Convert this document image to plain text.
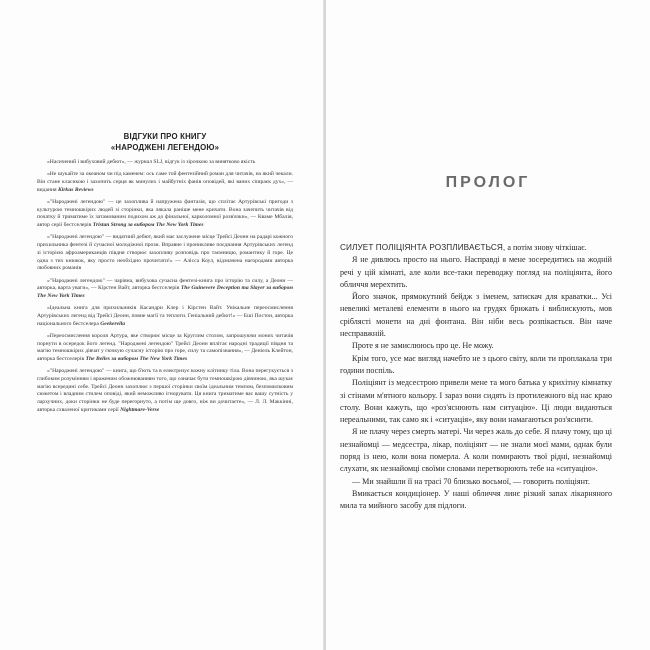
ВІДГУКИ ПРО КНИГУ
«НАРОДЖЕНІ ЛЕГЕНДОЮ»

«Насичений і вибуховий дебют», — журнал SLJ, відгук із зірочкою за винятково якість

«Не шукайте за океаном чи під каменем: ось саме той фентезійний роман для читачів, на який чекали. Він стане класикою і захопить серця як минулих і майбутніх фанів оповідей, які ваних спираєк дух», — видання Kirkus Reviews

«"Народжені легендою" — це захоплива й напружена фантазія, що сплітає Артурівські пригоди з культурою темношкірих людей зі сторінки, яка лякала раніше мене кричати. Вона зачепить читачів від початку й триматиме їх затамованим подихом аж до фінальної, карколомної розв'язки», — Кваме Мбалія, автор серії бестселерів Tristan Strong за вибором The New York Times

«"Народжені легендою" — видатний дебют, який має заслужене місце Трейсі Деонн на радарі кожного прихильника фентезі й сучасної молодіжної прози. Вправне і проникливе поєднання Артурівських легенд зі історією афроамериканців півдня створює захопливу розповідь про таємницю, романтику й горе. Це одна з тих книжок, яку просто необхідно прочитати!» — Алісса Коул, відзначена нагородами авторка любовних романів

«"Народжені легендою" — чарівна, вибухова сучасна фентезі-книга про історію та силу, а Деонн — авторка, варта уваги», — Кірстен Вайт, авторка бестселерів The Guinevere Deception та Slayer за вибором The New York Times

«Ідеальна книга для прихильників Касандри Клер і Кірстен Вайт. Унікальне переосмислення Артурівських легенд від Трейсі Деонн, повне магії та теплоти. Геніальний дебют!» — Еші Постон, авторка національного бестселера Geekerella

«Переосмислення короля Артура, яке створює місце за Круглим столом, запрошуючи моних читачів порнути в осередок його легенд. "Народжені легендою" Трейсі Деонн вплітає народні традиції півдня та магію темношкірих дівчат у гючкую сучасну історію про горе, силу та самопізнання», — Деніель Клейтон, авторка бестселерів The Belles за вибором The New York Times

«"Народжені легендою" — книга, що б'ють та в електризує кожну клітинку тіла. Вона перегукується з глибоким розумінням і враженим обожнюванням того, що означає бути темношкірою дівчиною, яка шукає магію всередині себе. Трейсі Деонн захоплює з першої сторінки своїм ідеальним темпом, безпомилковим сюжетом і владним стилем оповіді, який неможливо ігнорувати. Ця книга триматиме вас вашу сутність у лархучних, доки сторінки не буде перегорнуто, а потім ще довго, ніж ви дочитаєте», — Л. Л. Маккінні, авторка схваленої критиками серії Nightmare-Verse

ПРОЛОГ

СИЛУЕТ ПОЛІЦІЯНТА РОЗПЛИВАЄТЬСЯ, а потім знову чіткішає.

Я не дивлюсь просто на нього. Насправді я мене зосередитись на жодній речі у цій кімнаті, але коли все-таки переводжу погляд на поліціянта, його обличчя мерехтить.

Його значок, прямокутний бейдж з іменем, затискач для краватки... Усі невеликі металеві елементи в нього на грудях брижать і виблискують, мов сріблясті монети на дні фонтана. Він ніби весь розпікається. Він наче несправжній.

Проте я не замислююсь про це. Не можу.

Крім того, усе має вигляд начебто не з цього світу, коли ти проплакала три години поспіль.

Поліціянт із медсестрою привели мене та мого батька у крихітну кімнатку зі стінами м'ятного кольору. І зараз вони сидять із протилежного від нас краю столу. Вони кажуть, що «роз'яснюють нам ситуацію». Ці люди видаються нереальними, так само як і «ситуація», яку вони намагаються роз'яснити.

Я не плачу через смерть матері. Чи через жаль до себе. Я плачу тому, що ці незнайомці — медсестра, лікар, поліціянт — не знали моєї мами, однак були поряд із нею, коли вона померла. А коли помирають твої рідні, незнайомці слухати, як незнайомці своїми словами перетворюють тебе на «ситуацію».

— Ми знайшли її на трасі 70 близько восьмої, — говорить поліціянт.

Вмикається кондиціонер. У наші обличчя линє різкий запах лікарняного мила та мийного засобу для підлоги.
